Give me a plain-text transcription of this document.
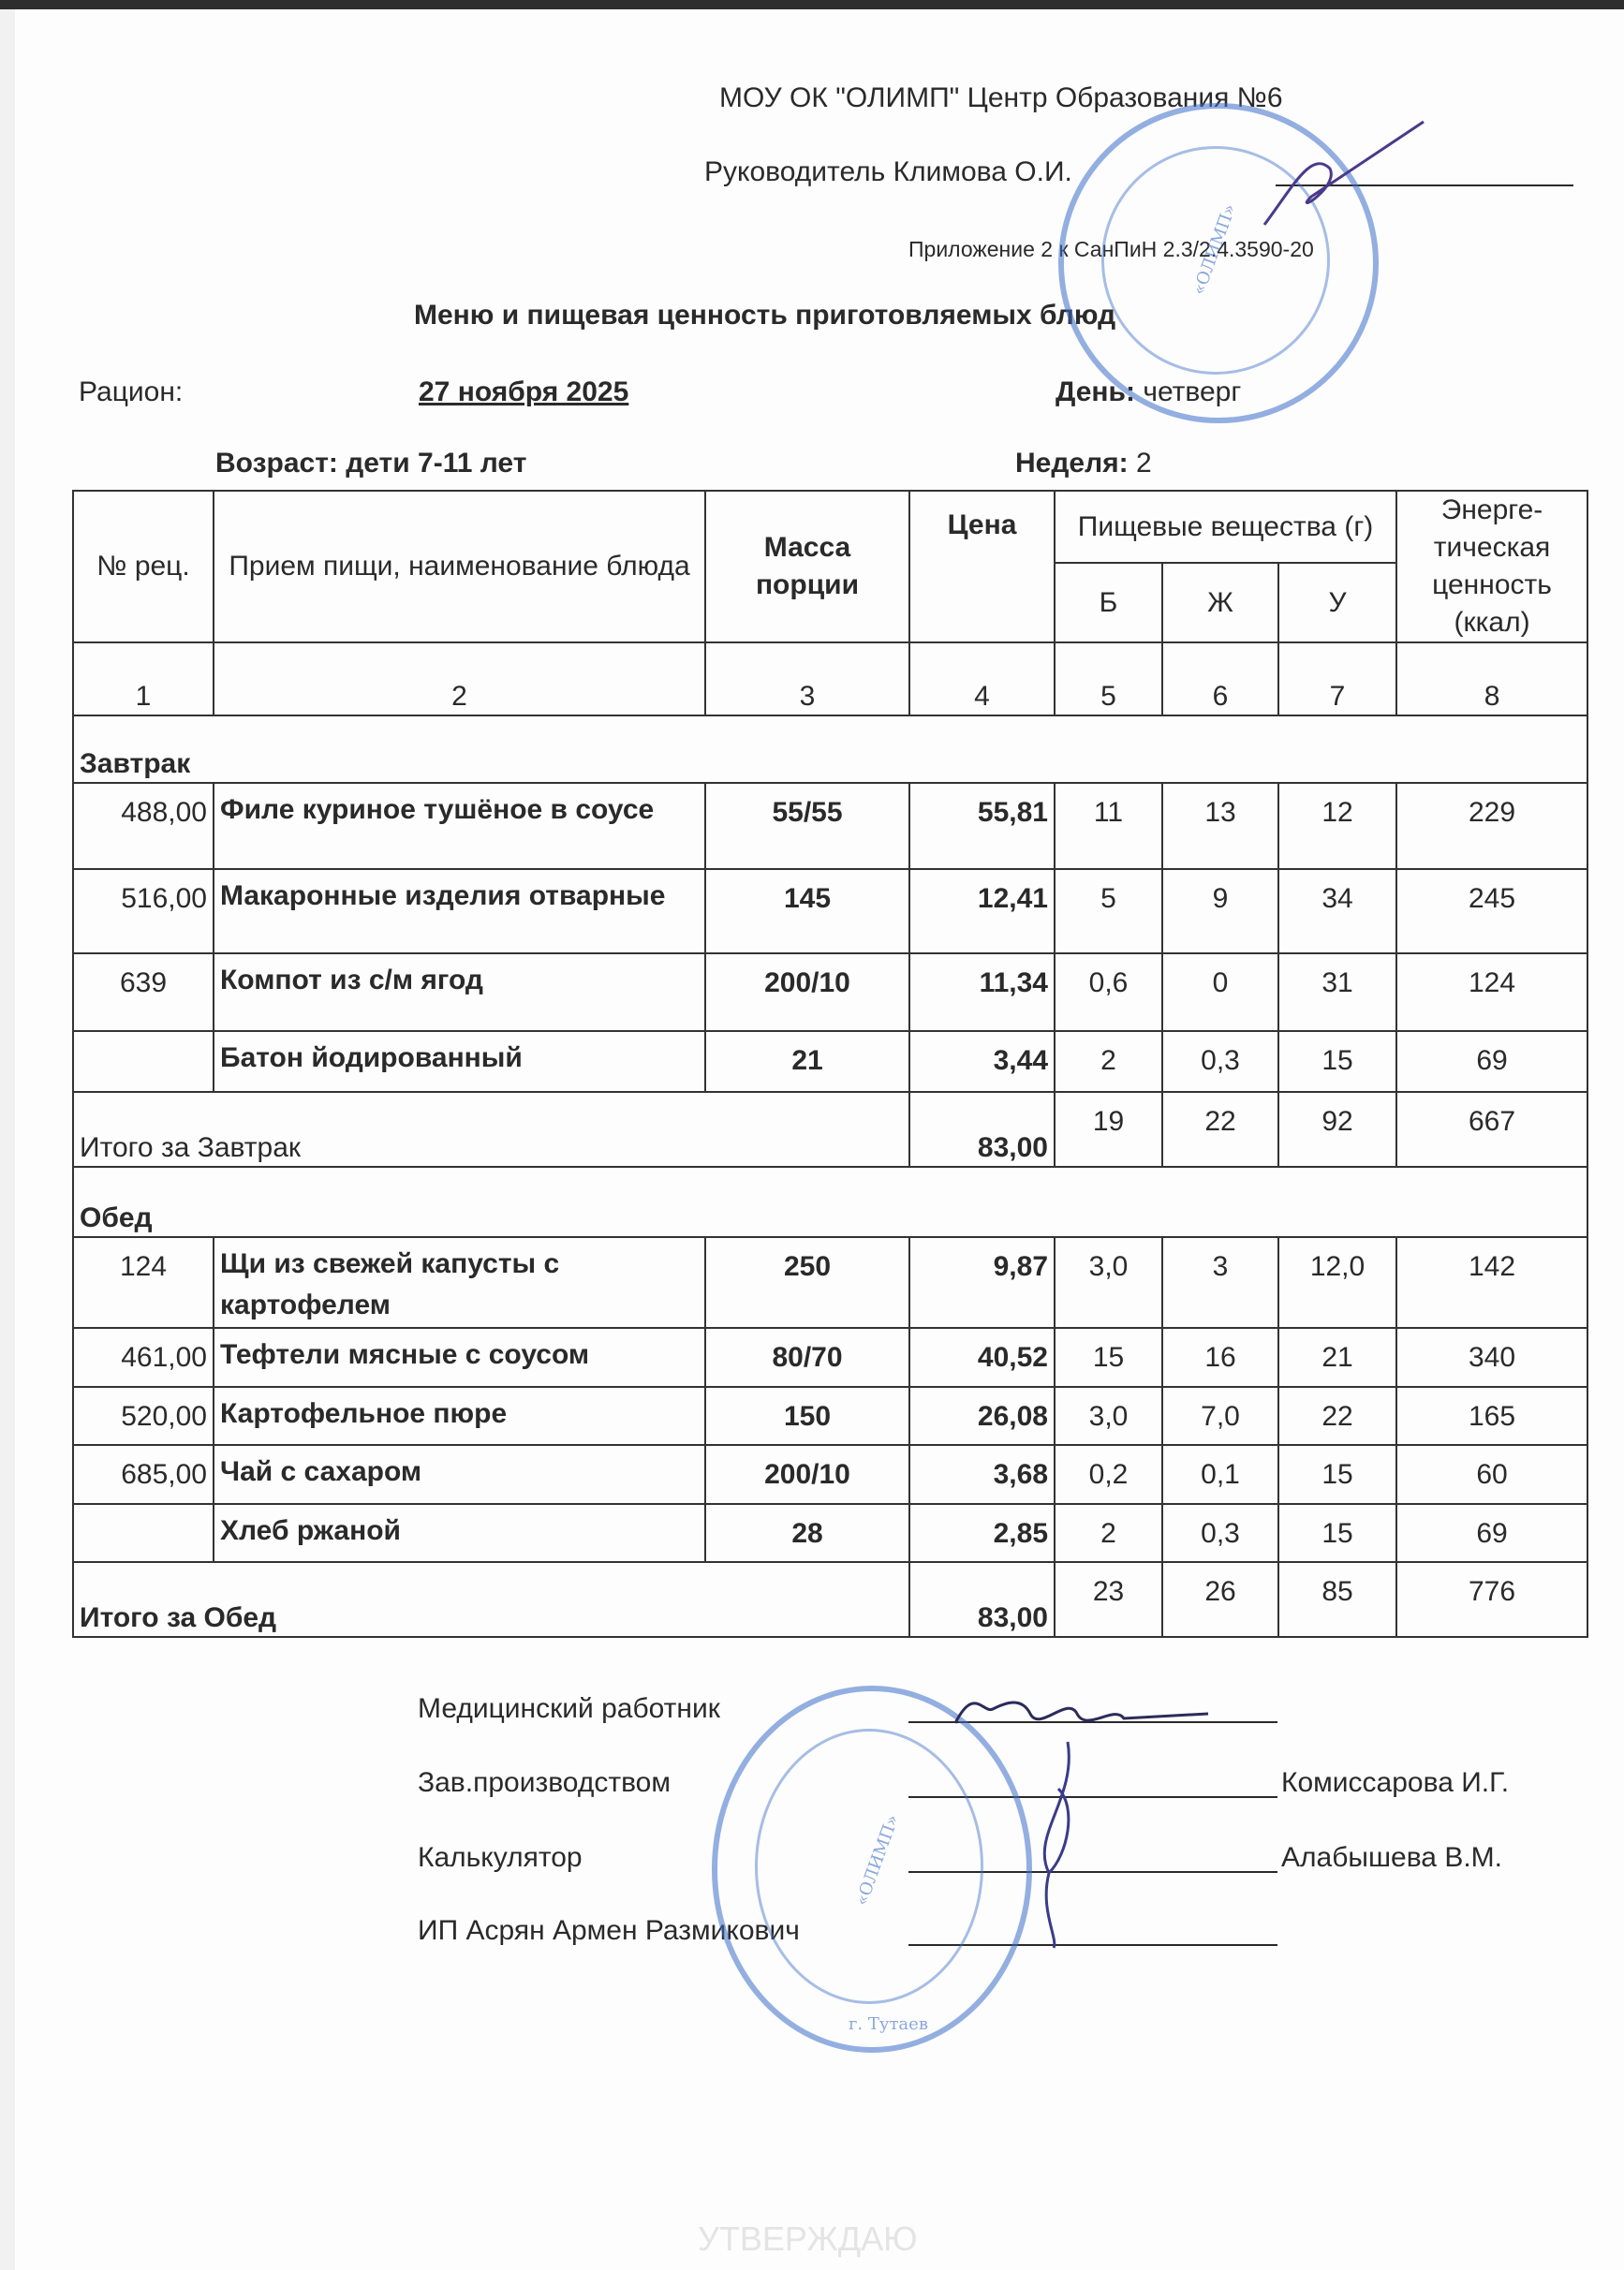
МОУ ОК "ОЛИМП" Центр Образования №6
Руководитель Климова О.И.
Приложение 2 к СанПиН 2.3/2.4.3590-20
Меню и пищевая ценность приготовляемых блюд
Рацион:	27 ноября 2025	День: четверг
Возраст: дети 7-11 лет	Неделя: 2
№ рец.	Прием пищи, наименование блюда	Масса порции	Цена	Пищевые вещества (г)			Энерге-тическая ценность (ккал)
				Б	Ж	У	
1	2	3	4	5	6	7	8
Завтрак							
488,00	Филе куриное тушёное в соусе	55/55	55,81	11	13	12	229
516,00	Макаронные изделия отварные	145	12,41	5	9	34	245
639	Компот из с/м ягод	200/10	11,34	0,6	0	31	124
	Батон йодированный	21	3,44	2	0,3	15	69
Итого за Завтрак			83,00	19	22	92	667
Обед							
124	Щи из свежей капусты с картофелем	250	9,87	3,0	3	12,0	142
461,00	Тефтели мясные с соусом	80/70	40,52	15	16	21	340
520,00	Картофельное пюре	150	26,08	3,0	7,0	22	165
685,00	Чай с сахаром	200/10	3,68	0,2	0,1	15	60
	Хлеб ржаной	28	2,85	2	0,3	15	69
Итого за Обед			83,00	23	26	85	776
Медицинский работник
Зав.производством	Комиссарова И.Г.
Калькулятор	Алабышева В.М.
ИП Асрян Армен Размикович
«ОЛИМП»
«ОЛИМП»
г. Тутаев
УТВЕРЖДАЮ
